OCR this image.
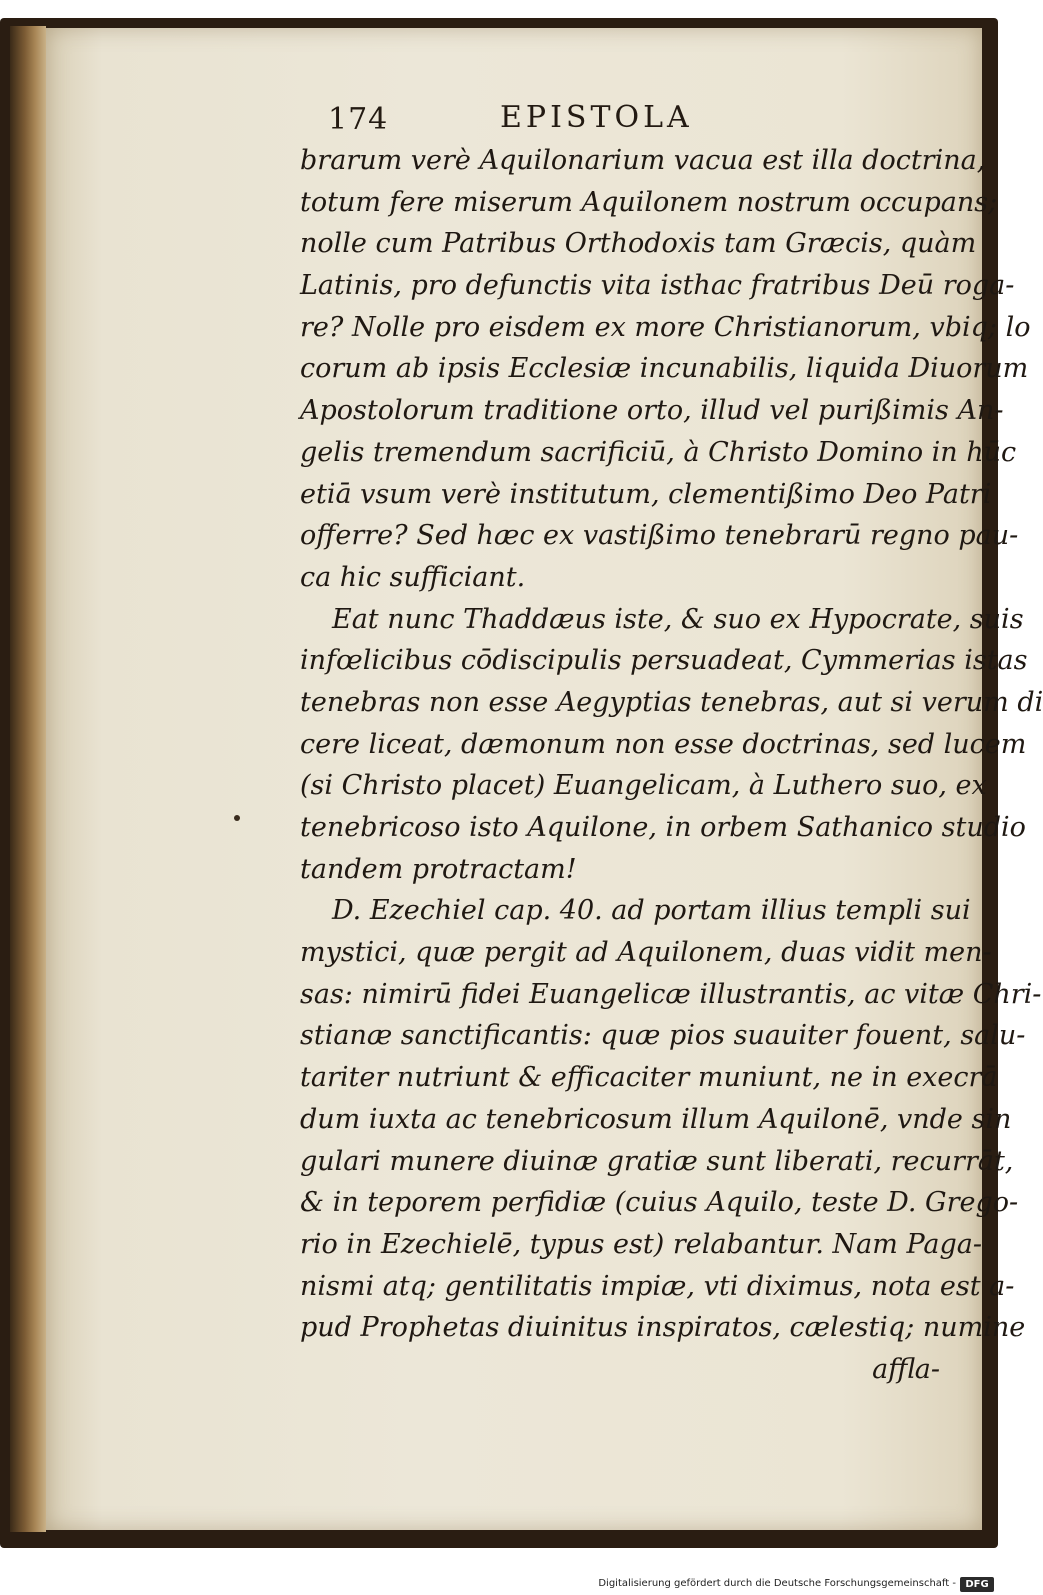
174	EPISTOLA
brarum verè Aquilonarium vacua est illa doctrina,
totum fere miserum Aquilonem nostrum occupans;
nolle cum Patribus Orthodoxis tam Græcis, quàm
Latinis, pro defunctis vita isthac fratribus Deū roga-
re? Nolle pro eisdem ex more Christianorum, vbiq; lo
corum ab ipsis Ecclesiæ incunabilis, liquida Diuorum
Apostolorum traditione orto, illud vel purißimis An-
gelis tremendum sacrificiū, à Christo Domino in hūc
etiā vsum verè institutum, clementißimo Deo Patri
offerre? Sed hæc ex vastißimo tenebrarū regno pau-
ca hic sufficiant.
Eat nunc Thaddæus iste, & suo ex Hypocrate, suis
infœlicibus cōdiscipulis persuadeat, Cymmerias istas
tenebras non esse Aegyptias tenebras, aut si verum di
cere liceat, dæmonum non esse doctrinas, sed lucem
(si Christo placet) Euangelicam, à Luthero suo, ex
tenebricoso isto Aquilone, in orbem Sathanico studio
tandem protractam!
D. Ezechiel cap. 40. ad portam illius templi sui
mystici, quæ pergit ad Aquilonem, duas vidit men-
sas: nimirū fidei Euangelicæ illustrantis, ac vitæ Chri-
stianæ sanctificantis: quæ pios suauiter fouent, salu-
tariter nutriunt & efficaciter muniunt, ne in execrā
dum iuxta ac tenebricosum illum Aquilonē, vnde sin
gulari munere diuinæ gratiæ sunt liberati, recurrāt,
& in teporem perfidiæ (cuius Aquilo, teste D. Grego-
rio in Ezechielē, typus est) relabantur. Nam Paga-
nismi atq; gentilitatis impiæ, vti diximus, nota est a-
pud Prophetas diuinitus inspiratos, cælestiq; numine
affla-
Digitalisierung gefördert durch die Deutsche Forschungsgemeinschaft - DFG
